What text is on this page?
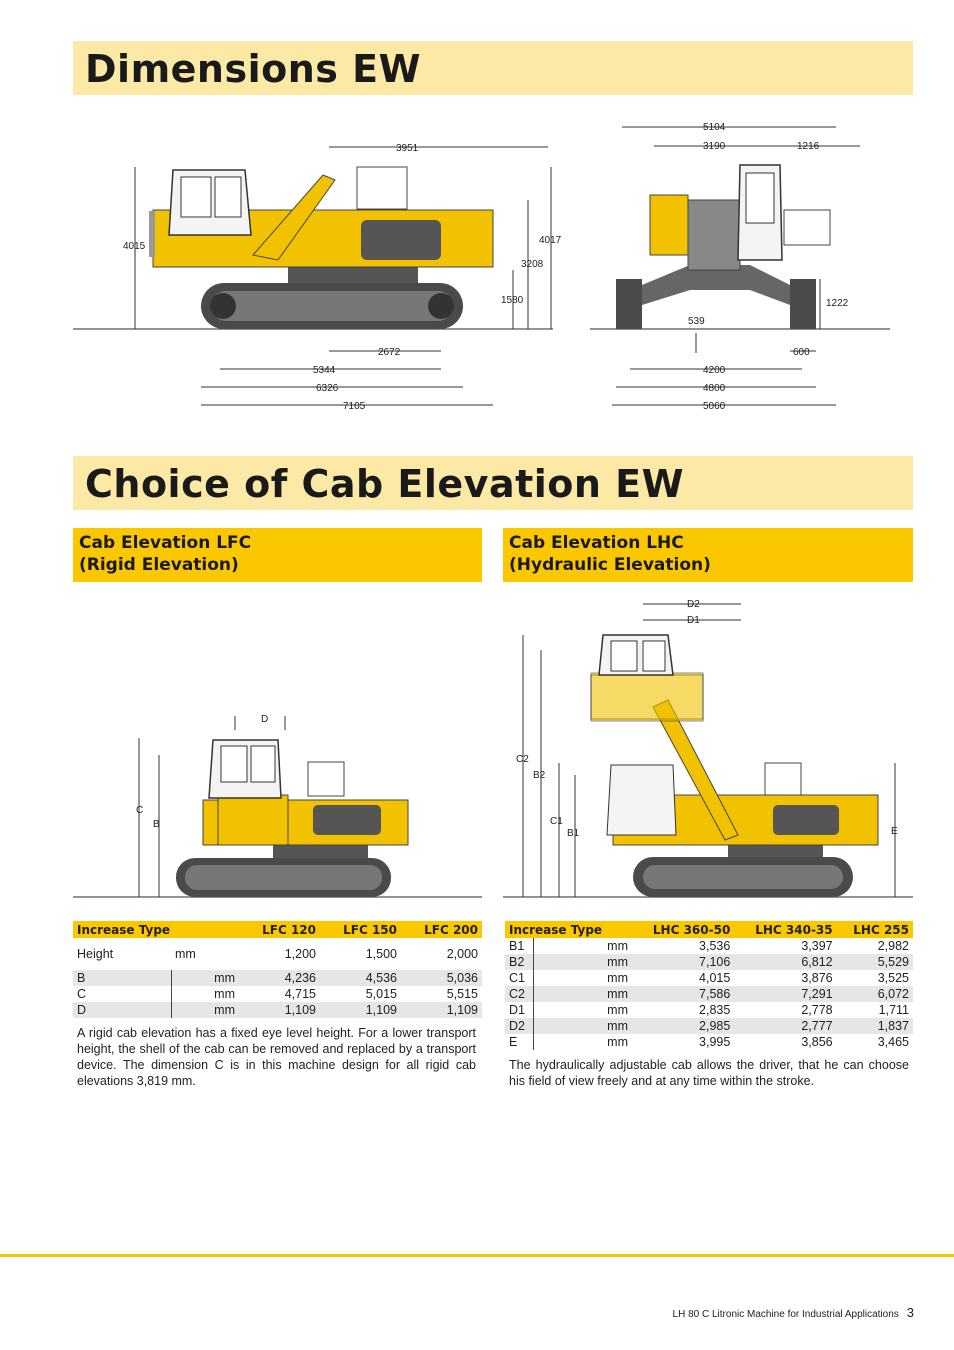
Dimensions EW
4015
3951
4017
3208
1580
2672
5344
6326
7105
5104
3190	1216
1222
539
600
4200
4800
5060
Choice of Cab Elevation EW
Cab Elevation LFC
(Rigid Elevation)
Cab Elevation LHC
(Hydraulic Elevation)
D
C
B
D2
D1
C2
B2
C1
B1	E
Increase Type		LFC 120	LFC 150	LFC 200
Height	mm	1,200	1,500	2,000
B	mm	4,236	4,536	5,036
C	mm	4,715	5,015	5,515
D	mm	1,109	1,109	1,109
A rigid cab elevation has a fixed eye level height. For a lower transport height, the shell of the cab can be removed and replaced by a transport device. The dimension C is in this machine design for all rigid cab elevations 3,819 mm.
Increase Type		LHC 360-50	LHC 340-35	LHC 255
B1	mm	3,536	3,397	2,982
B2	mm	7,106	6,812	5,529
C1	mm	4,015	3,876	3,525
C2	mm	7,586	7,291	6,072
D1	mm	2,835	2,778	1,711
D2	mm	2,985	2,777	1,837
E	mm	3,995	3,856	3,465
The hydraulically adjustable cab allows the driver, that he can choose his field of view freely and at any time within the stroke.
LH 80 C Litronic Machine for Industrial Applications 3
